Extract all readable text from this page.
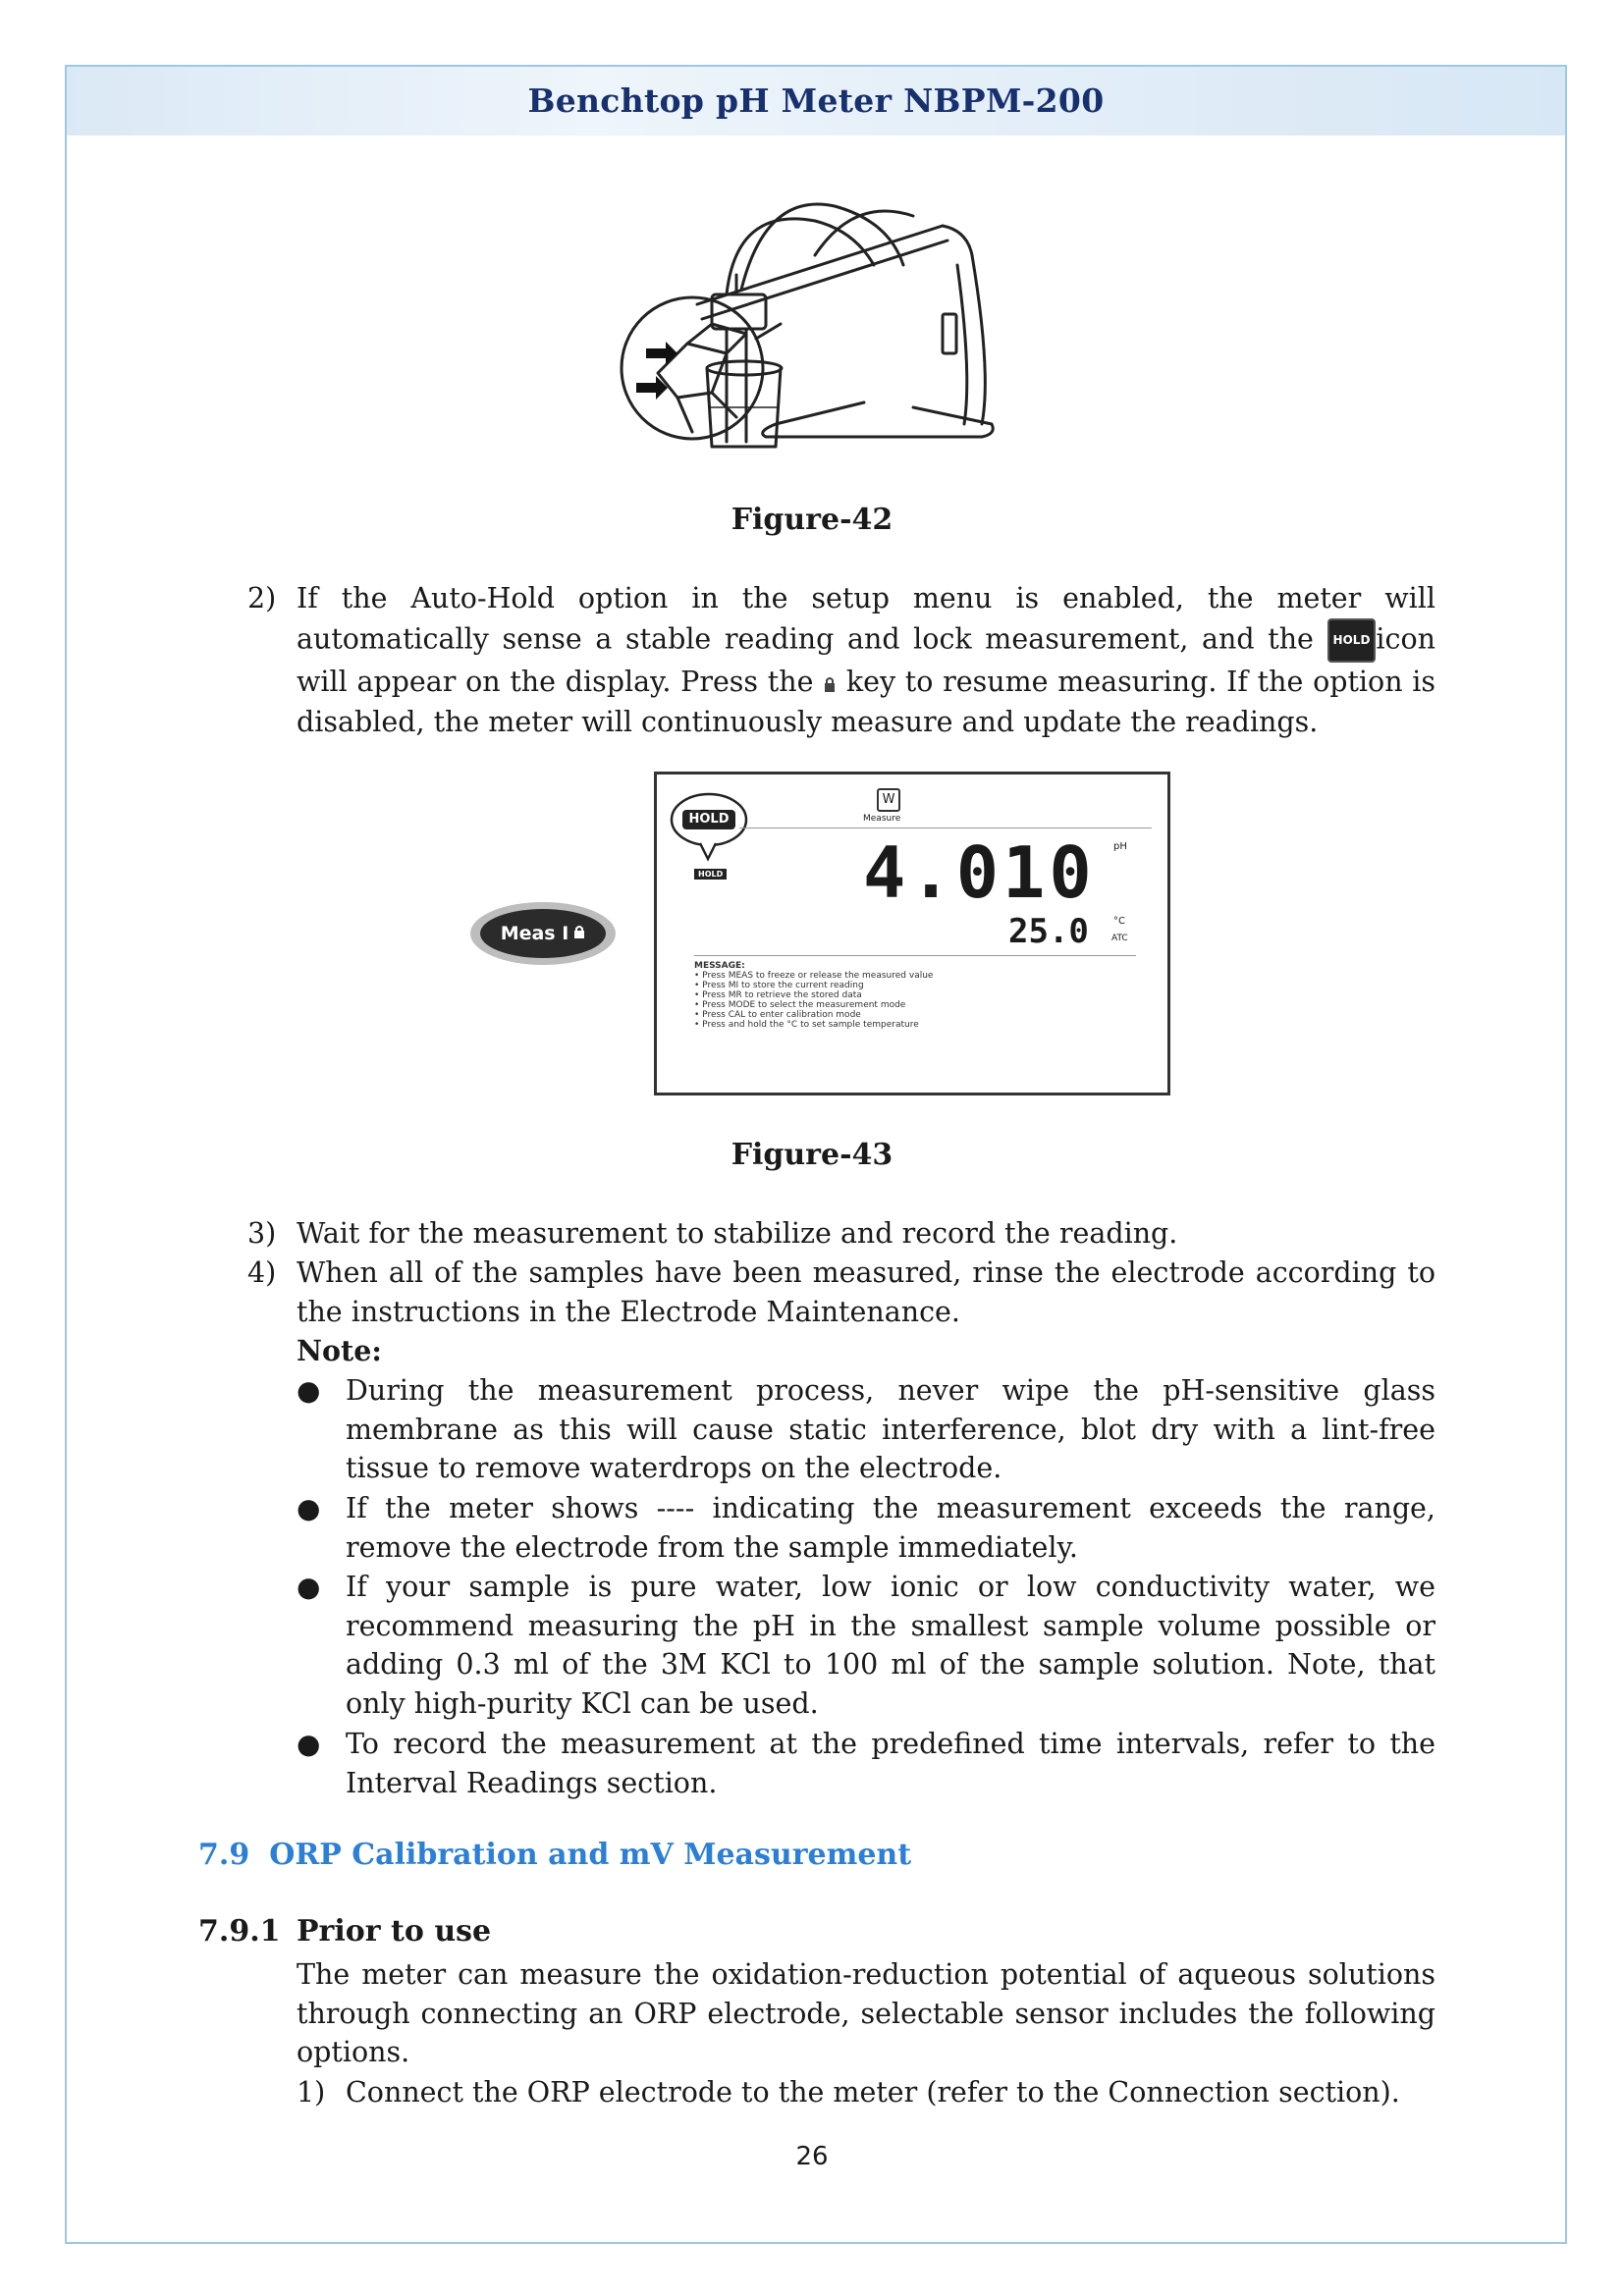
Benchtop pH Meter NBPM-200
Figure-42
2) If the Auto-Hold option in the setup menu is enabled, the meter will automatically sense a stable reading and lock measurement, and the HOLD icon will appear on the display. Press the  key to resume measuring. If the option is disabled, the meter will continuously measure and update the readings.
Meas I
HOLD
HOLD
W
Measure
4.010 pH
25.0	°C
ATC
MESSAGE:
• Press MEAS to freeze or release the measured value
• Press MI to store the current reading
• Press MR to retrieve the stored data
• Press MODE to select the measurement mode
• Press CAL to enter calibration mode
• Press and hold the °C to set sample temperature
Figure-43
3) Wait for the measurement to stabilize and record the reading.
4) When all of the samples have been measured, rinse the electrode according to the instructions in the Electrode Maintenance.
Note:
● During the measurement process, never wipe the pH-sensitive glass membrane as this will cause static interference, blot dry with a lint-free tissue to remove waterdrops on the electrode.
● If the meter shows ---- indicating the measurement exceeds the range, remove the electrode from the sample immediately.
● If your sample is pure water, low ionic or low conductivity water, we recommend measuring the pH in the smallest sample volume possible or adding 0.3 ml of the 3M KCl to 100 ml of the sample solution. Note, that only high-purity KCl can be used.
● To record the measurement at the predefined time intervals, refer to the Interval Readings section.
7.9 ORP Calibration and mV Measurement
7.9.1 Prior to use
The meter can measure the oxidation-reduction potential of aqueous solutions through connecting an ORP electrode, selectable sensor includes the following options.
1) Connect the ORP electrode to the meter (refer to the Connection section).
26
